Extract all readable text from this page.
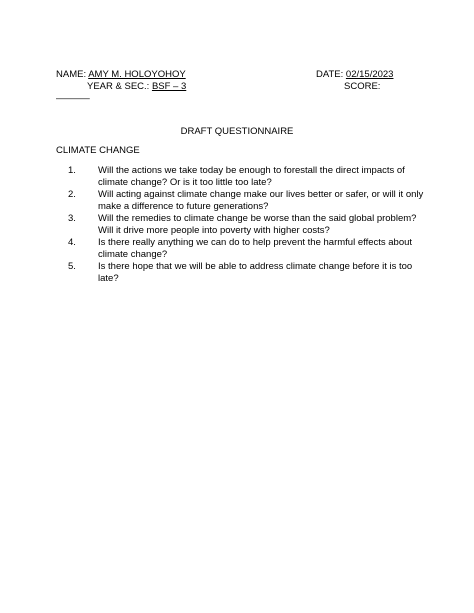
NAME: AMY M. HOLOYOHOY	DATE: 02/15/2023
YEAR & SEC.: BSF – 3	SCORE:
———–
DRAFT QUESTIONNAIRE
CLIMATE CHANGE
1.	Will the actions we take today be enough to forestall the direct impacts of climate change? Or is it too little too late?
2.	Will acting against climate change make our lives better or safer, or will it only make a difference to future generations?
3.	Will the remedies to climate change be worse than the said global problem? Will it drive more people into poverty with higher costs?
4.	Is there really anything we can do to help prevent the harmful effects about climate change?
5.	Is there hope that we will be able to address climate change before it is too late?
